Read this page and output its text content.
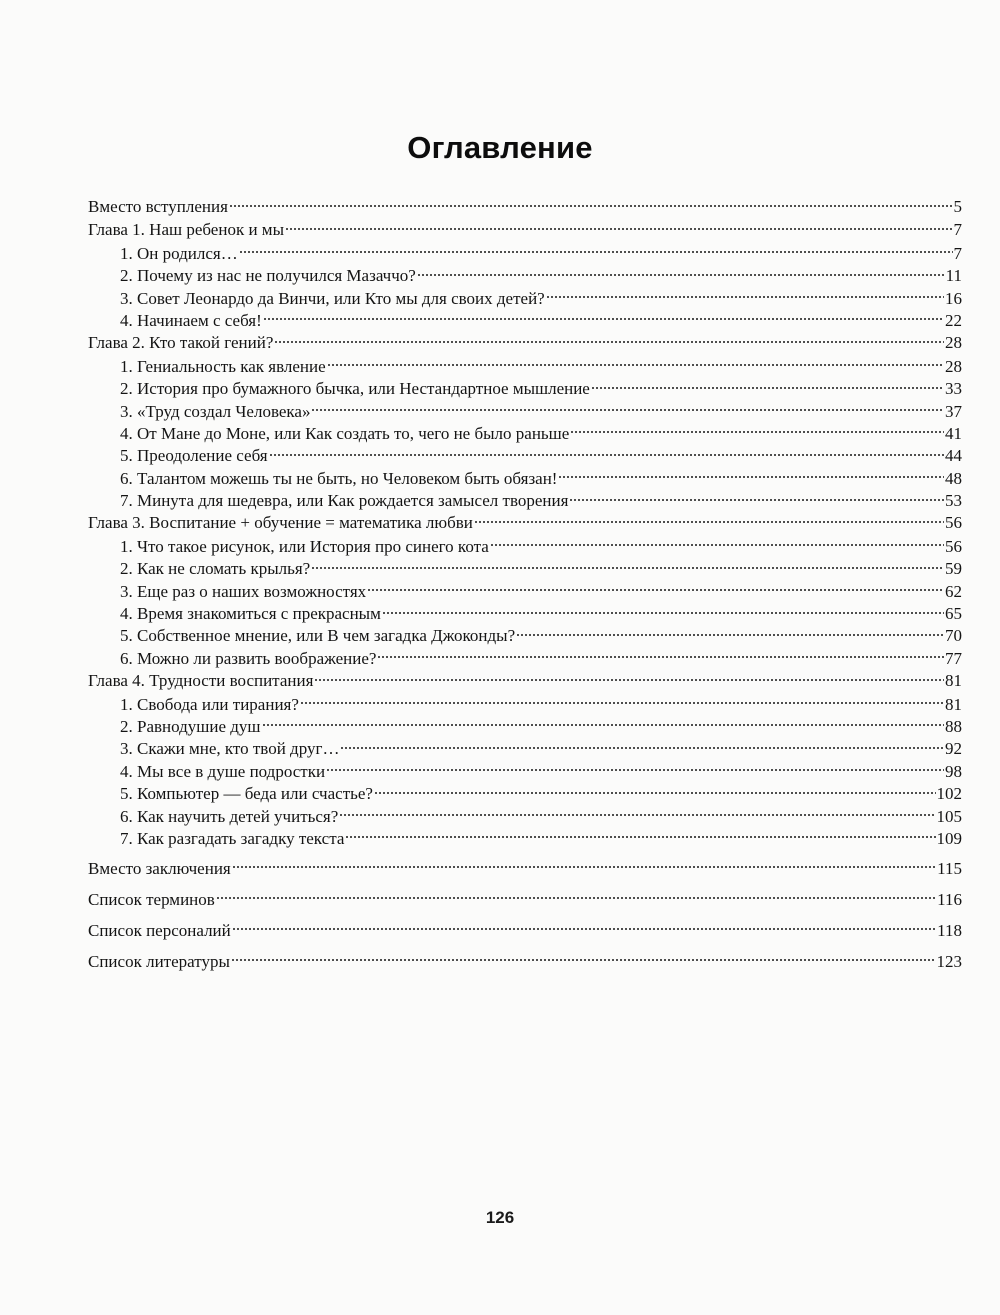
Оглавление
Вместо вступления	5
Глава 1. Наш ребенок и мы	7
1. Он родился…	7
2. Почему из нас не получился Мазаччо?	11
3. Совет Леонардо да Винчи, или Кто мы для своих детей?	16
4. Начинаем с себя!	22
Глава 2. Кто такой гений?	28
1. Гениальность как явление	28
2. История про бумажного бычка, или Нестандартное мышление	33
3. «Труд создал Человека»	37
4. От Мане до Моне, или Как создать то, чего не было раньше	41
5. Преодоление себя	44
6. Талантом можешь ты не быть, но Человеком быть обязан!	48
7. Минута для шедевра, или Как рождается замысел творения	53
Глава 3. Воспитание + обучение = математика любви	56
1. Что такое рисунок, или История про синего кота	56
2. Как не сломать крылья?	59
3. Еще раз о наших возможностях	62
4. Время знакомиться с прекрасным	65
5. Собственное мнение, или В чем загадка Джоконды?	70
6. Можно ли развить воображение?	77
Глава 4. Трудности воспитания	81
1. Свобода или тирания?	81
2. Равнодушие душ	88
3. Скажи мне, кто твой друг…	92
4. Мы все в душе подростки	98
5. Компьютер — беда или счастье?	102
6. Как научить детей учиться?	105
7. Как разгадать загадку текста	109
Вместо заключения	115
Список терминов	116
Список персоналий	118
Список литературы	123
126
